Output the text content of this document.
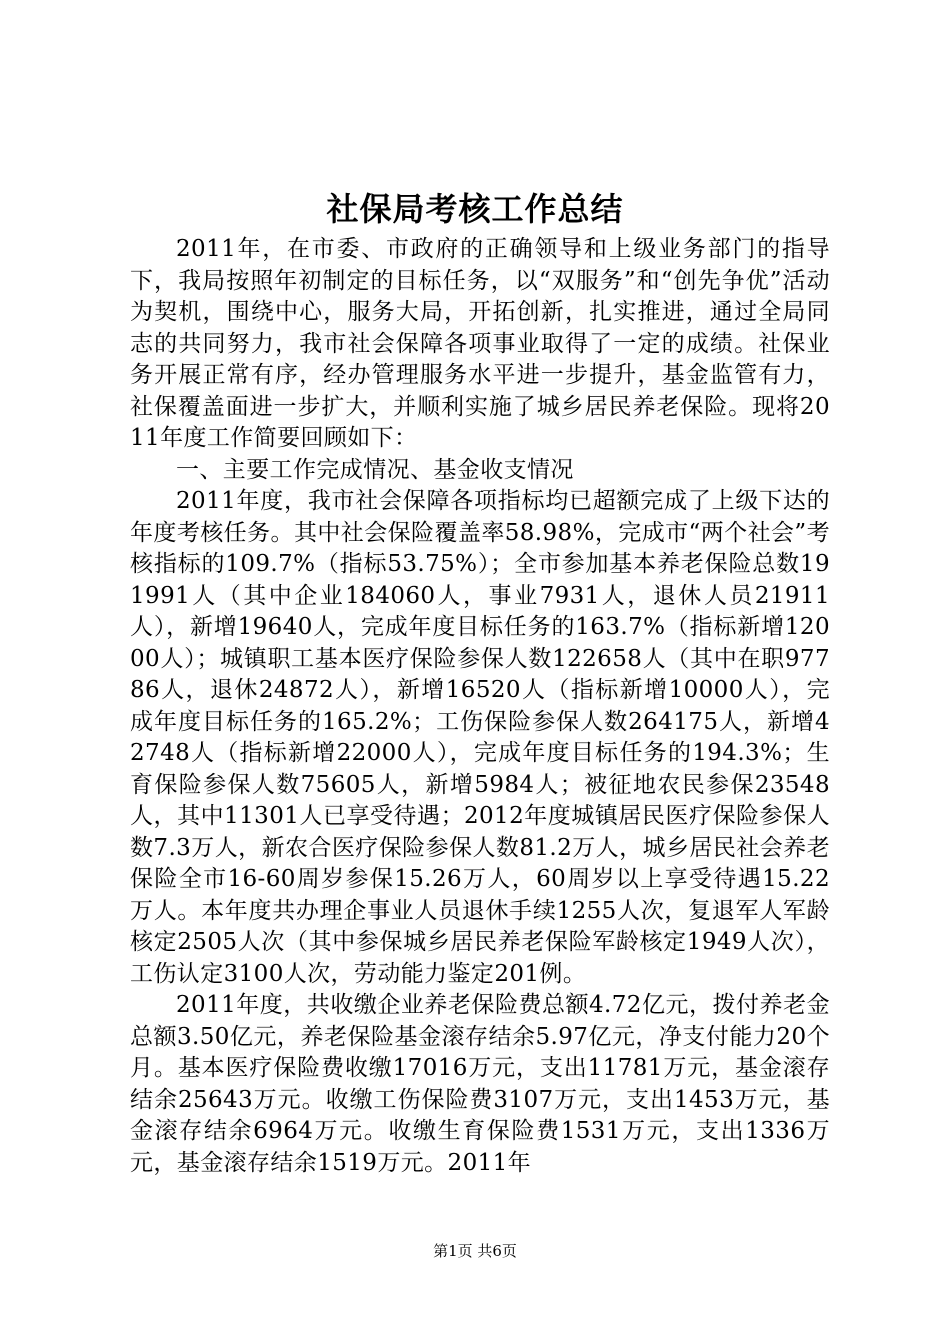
社保局考核工作总结

2011年，在市委、市政府的正确领导和上级业务部门的指导下，我局按照年初制定的目标任务，以“双服务”和“创先争优”活动为契机，围绕中心，服务大局，开拓创新，扎实推进，通过全局同志的共同努力，我市社会保障各项事业取得了一定的成绩。社保业务开展正常有序，经办管理服务水平进一步提升，基金监管有力，社保覆盖面进一步扩大，并顺利实施了城乡居民养老保险。现将2011年度工作简要回顾如下：

一、主要工作完成情况、基金收支情况

2011年度，我市社会保障各项指标均已超额完成了上级下达的年度考核任务。其中社会保险覆盖率58.98%，完成市“两个社会”考核指标的109.7%（指标53.75%）；全市参加基本养老保险总数191991人（其中企业184060人，事业7931人，退休人员21911人），新增19640人，完成年度目标任务的163.7%（指标新增12000人）；城镇职工基本医疗保险参保人数122658人（其中在职97786人，退休24872人），新增16520人（指标新增10000人），完成年度目标任务的165.2%；工伤保险参保人数264175人，新增42748人（指标新增22000人），完成年度目标任务的194.3%；生育保险参保人数75605人，新增5984人；被征地农民参保23548人，其中11301人已享受待遇；2012年度城镇居民医疗保险参保人数7.3万人，新农合医疗保险参保人数81.2万人，城乡居民社会养老保险全市16-60周岁参保15.26万人，60周岁以上享受待遇15.22万人。本年度共办理企事业人员退休手续1255人次，复退军人军龄核定2505人次（其中参保城乡居民养老保险军龄核定1949人次），工伤认定3100人次，劳动能力鉴定201例。

2011年度，共收缴企业养老保险费总额4.72亿元，拨付养老金总额3.50亿元，养老保险基金滚存结余5.97亿元，净支付能力20个月。基本医疗保险费收缴17016万元，支出11781万元，基金滚存结余25643万元。收缴工伤保险费3107万元，支出1453万元，基金滚存结余6964万元。收缴生育保险费1531万元，支出1336万元，基金滚存结余1519万元。2011年

第1页 共6页
